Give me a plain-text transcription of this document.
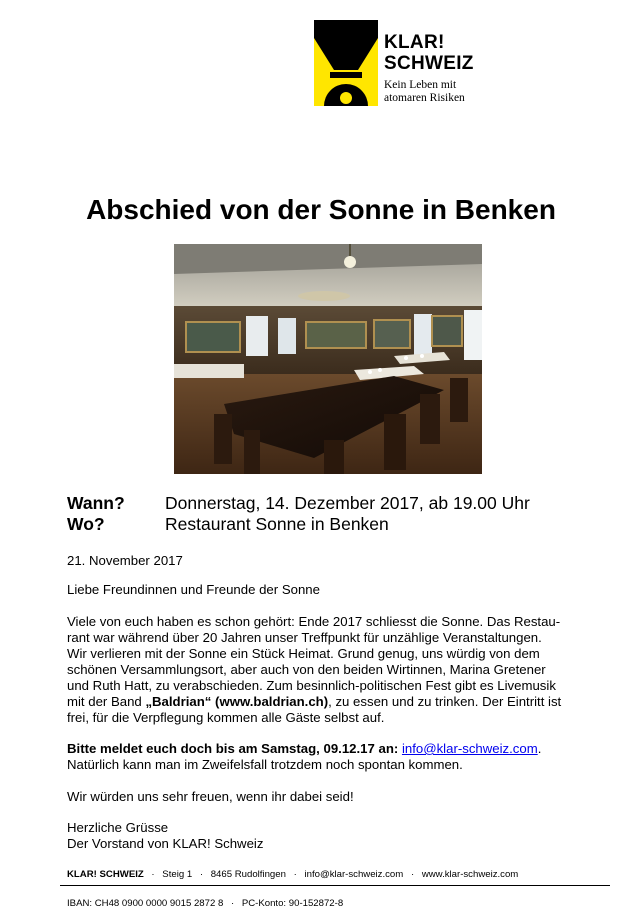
KLAR!
SCHWEIZ
Kein Leben mit
atomaren Risiken
Abschied von der Sonne in Benken
Wann? Donnerstag, 14. Dezember 2017, ab 19.00 Uhr
Wo?	Restaurant Sonne in Benken
21. November 2017
Liebe Freundinnen und Freunde der Sonne
Viele von euch haben es schon gehört: Ende 2017 schliesst die Sonne. Das Restau-
rant war während über 20 Jahren unser Treffpunkt für unzählige Veranstaltungen.
Wir verlieren mit der Sonne ein Stück Heimat. Grund genug, uns würdig von dem
schönen Versammlungsort, aber auch von den beiden Wirtinnen, Marina Gretener
und Ruth Hatt, zu verabschieden. Zum besinnlich-politischen Fest gibt es Livemusik
mit der Band „Baldrian“ (www.baldrian.ch), zu essen und zu trinken. Der Eintritt ist
frei, für die Verpflegung kommen alle Gäste selbst auf.
Bitte meldet euch doch bis am Samstag, 09.12.17 an: info@klar-schweiz.com.
Natürlich kann man im Zweifelsfall trotzdem noch spontan kommen.
Wir würden uns sehr freuen, wenn ihr dabei seid!
Herzliche Grüsse
Der Vorstand von KLAR! Schweiz
KLAR! SCHWEIZ · Steig 1 · 8465 Rudolfingen · info@klar-schweiz.com · www.klar-schweiz.com
IBAN: CH48 0900 0000 9015 2872 8 · PC-Konto: 90-152872-8
